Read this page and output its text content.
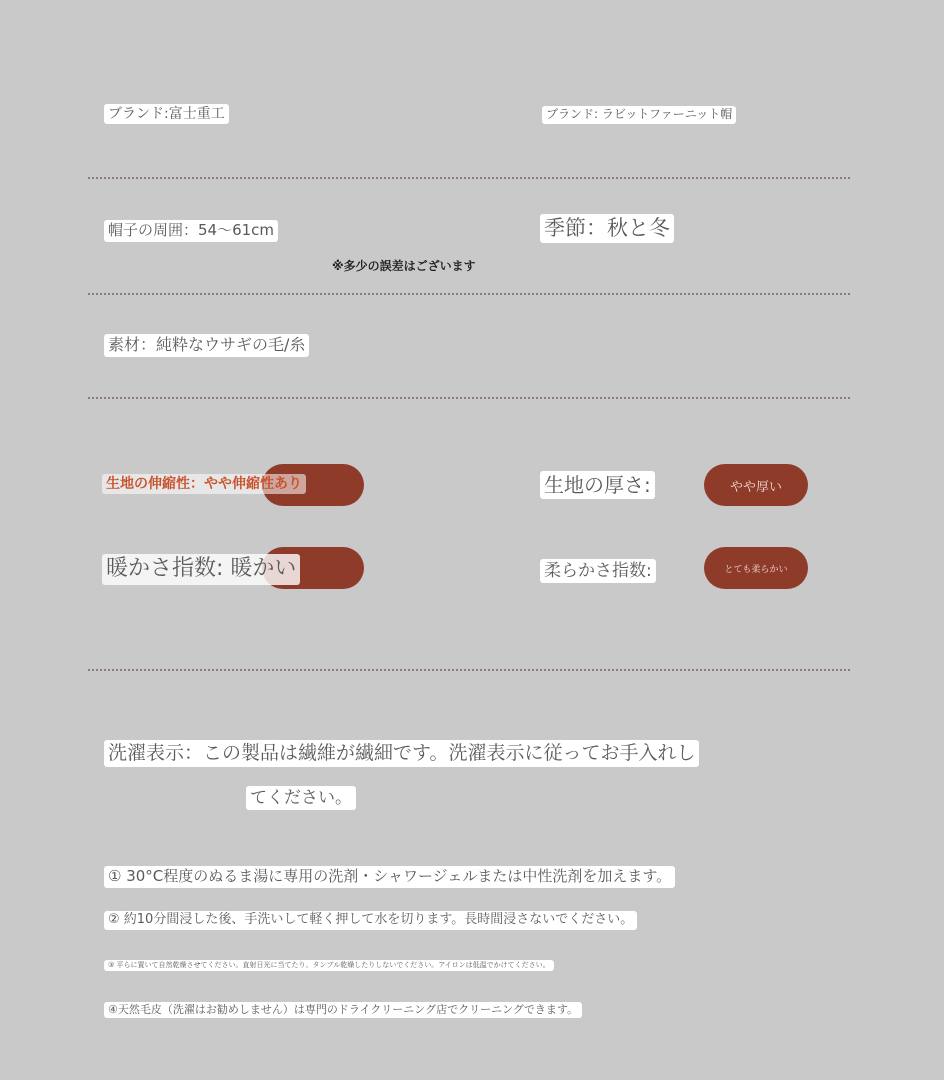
ブランド:富士重工	ブランド: ラビットファーニット帽
帽子の周囲：54〜61cm	季節：秋と冬
※多少の誤差はございます
素材：純粋なウサギの毛/糸
生地の伸縮性：やや伸縮性あり	生地の厚さ:	やや厚い
暖かさ指数: 暖かい	柔らかさ指数:	とても柔らかい
洗濯表示：この製品は繊維が繊細です。洗濯表示に従ってお手入れし
てください。
① 30°C程度のぬるま湯に専用の洗剤・シャワージェルまたは中性洗剤を加えます。
② 約10分間浸した後、手洗いして軽く押して水を切ります。長時間浸さないでください。
③ 平らに置いて自然乾燥させてください。直射日光に当てたり、タンブル乾燥したりしないでください。アイロンは低温でかけてください。
④天然毛皮（洗濯はお勧めしません）は専門のドライクリーニング店でクリーニングできます。
